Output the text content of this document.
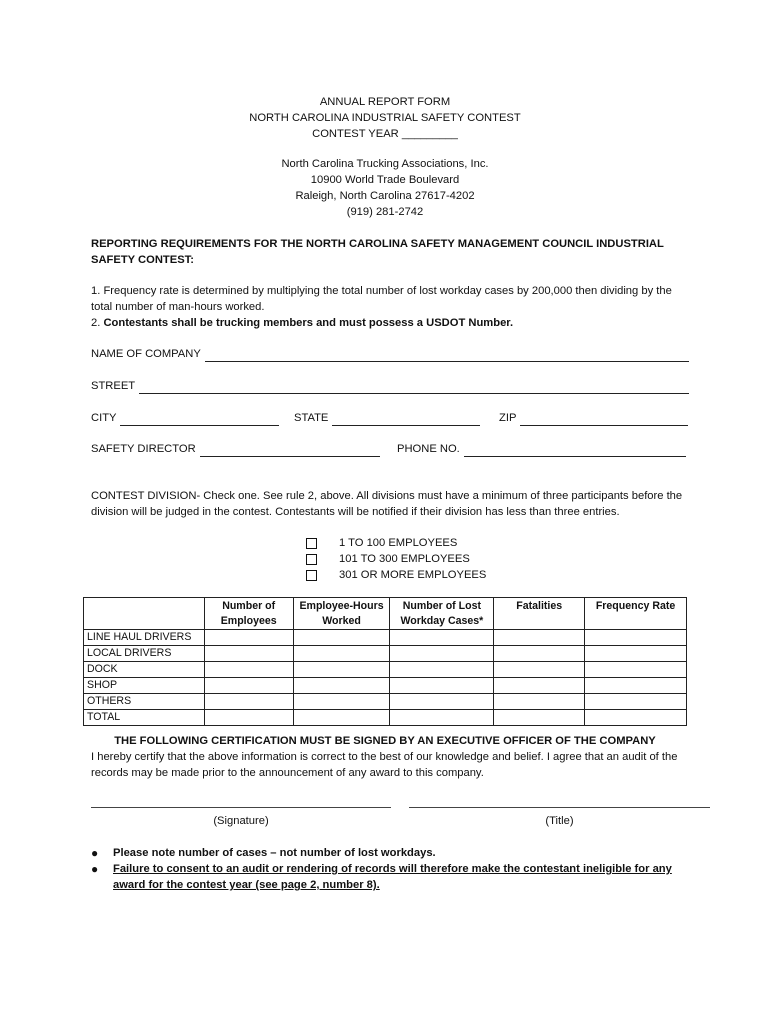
ANNUAL REPORT FORM
NORTH CAROLINA INDUSTRIAL SAFETY CONTEST
CONTEST YEAR _________
North Carolina Trucking Associations, Inc.
10900 World Trade Boulevard
Raleigh, North Carolina 27617-4202
(919) 281-2742
REPORTING REQUIREMENTS FOR THE NORTH CAROLINA SAFETY MANAGEMENT COUNCIL INDUSTRIAL SAFETY CONTEST:
1. Frequency rate is determined by multiplying the total number of lost workday cases by 200,000 then dividing by the total number of man-hours worked.
2. Contestants shall be trucking members and must possess a USDOT Number.
NAME OF COMPANY
STREET
CITY	STATE	ZIP
SAFETY DIRECTOR	PHONE NO.
CONTEST DIVISION- Check one. See rule 2, above. All divisions must have a minimum of three participants before the division will be judged in the contest. Contestants will be notified if their division has less than three entries.
1 TO 100 EMPLOYEES
101 TO 300 EMPLOYEES
301 OR MORE EMPLOYEES
	Number of Employees	Employee-Hours Worked	Number of Lost Workday Cases*	Fatalities	Frequency Rate
LINE HAUL DRIVERS					
LOCAL DRIVERS					
DOCK					
SHOP					
OTHERS					
TOTAL					
THE FOLLOWING CERTIFICATION MUST BE SIGNED BY AN EXECUTIVE OFFICER OF THE COMPANY
I hereby certify that the above information is correct to the best of our knowledge and belief. I agree that an audit of the records may be made prior to the announcement of any award to this company.
(Signature)	(Title)
●	Please note number of cases – not number of lost workdays.
●	Failure to consent to an audit or rendering of records will therefore make the contestant ineligible for any award for the contest year (see page 2, number 8).
